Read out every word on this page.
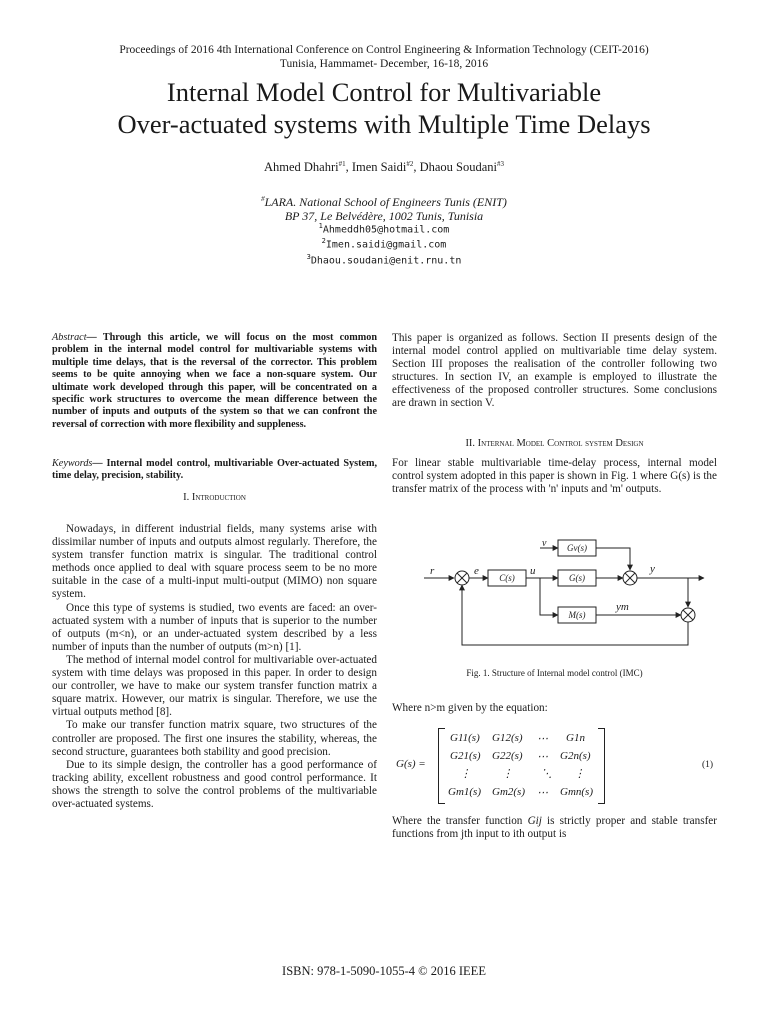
Proceedings of 2016 4th International Conference on Control Engineering & Information Technology (CEIT-2016)
Tunisia, Hammamet- December, 16-18, 2016
Internal Model Control for Multivariable
Over-actuated systems with Multiple Time Delays
Ahmed Dhahri$^{\#1}$, Imen Saidi$^{\#2}$, Dhaou Soudani$^{\#3}$
#LARA. National School of Engineers Tunis (ENIT)
BP 37, Le Belvédère, 1002 Tunis, Tunisia
$^1$Ahmeddh05@hotmail.com
$^2$Imen.saidi@gmail.com
$^3$Dhaou.soudani@enit.rnu.tn
Abstract— Through this article, we will focus on the most common problem in the internal model control for multivariable systems with multiple time delays, that is the reversal of the corrector. This problem seems to be quite annoying when we face a non-square system. Our ultimate work developed through this paper, will be concentrated on a specific work structures to overcome the mean difference between the number of inputs and outputs of the system so that we can confront the reversal of correction with more flexibility and suppleness.
Keywords— Internal model control, multivariable Over-actuated System, time delay, precision, stability.
I. Introduction

Nowadays, in different industrial fields, many systems arise with dissimilar number of inputs and outputs almost regularly. Therefore, the system transfer function matrix is singular. The traditional control methods once applied to deal with square process seem to be no more suitable in the case of a multi-input multi-output (MIMO) non square system.

Once this type of systems is studied, two events are faced: an over-actuated system with a number of inputs that is superior to the number of outputs (m<n), or an under-actuated system described by a less number of inputs than the number of outputs (m>n) [1].

The method of internal model control for multivariable over-actuated system with time delays was proposed in this paper. In order to design our controller, we have to make our system transfer function matrix a square matrix. However, our matrix is singular. Therefore, we use the virtual outputs method [8].

To make our transfer function matrix square, two structures of the controller are proposed. The first one insures the stability, whereas, the second structure, guarantees both stability and good precision.

Due to its simple design, the controller has a good performance of tracking ability, excellent robustness and good control performance. It shows the strength to solve the control problems of the multivariable over-actuated systems.

This paper is organized as follows. Section II presents design of the internal model control applied on multivariable time delay system. Section III proposes the realisation of the controller following two structures. In section IV, an example is employed to illustrate the effectiveness of the proposed controller structures. Some conclusions are drawn in section V.

II. Internal Model Control system Design

For linear stable multivariable time-delay process, internal model control system adopted in this paper is shown in Fig. 1 where G(s) is the transfer matrix of the process with 'n' inputs and 'm' outputs.

C(s)	G(s)
M(s)
Gv(s)
r	e	u
v
y
ym
Fig. 1. Structure of Internal model control (IMC)

Where n>m given by the equation:

G(s) =
G11(s) G12(s) ⋯ G1n
G21(s) G22(s) ⋯ G2n(s)
⋮	⋮	⋱ ⋮
Gm1(s) Gm2(s) ⋯ Gmn(s)
(1)
Where the transfer function Gij is strictly proper and stable transfer functions from jth input to ith output is
ISBN: 978-1-5090-1055-4 © 2016 IEEE
